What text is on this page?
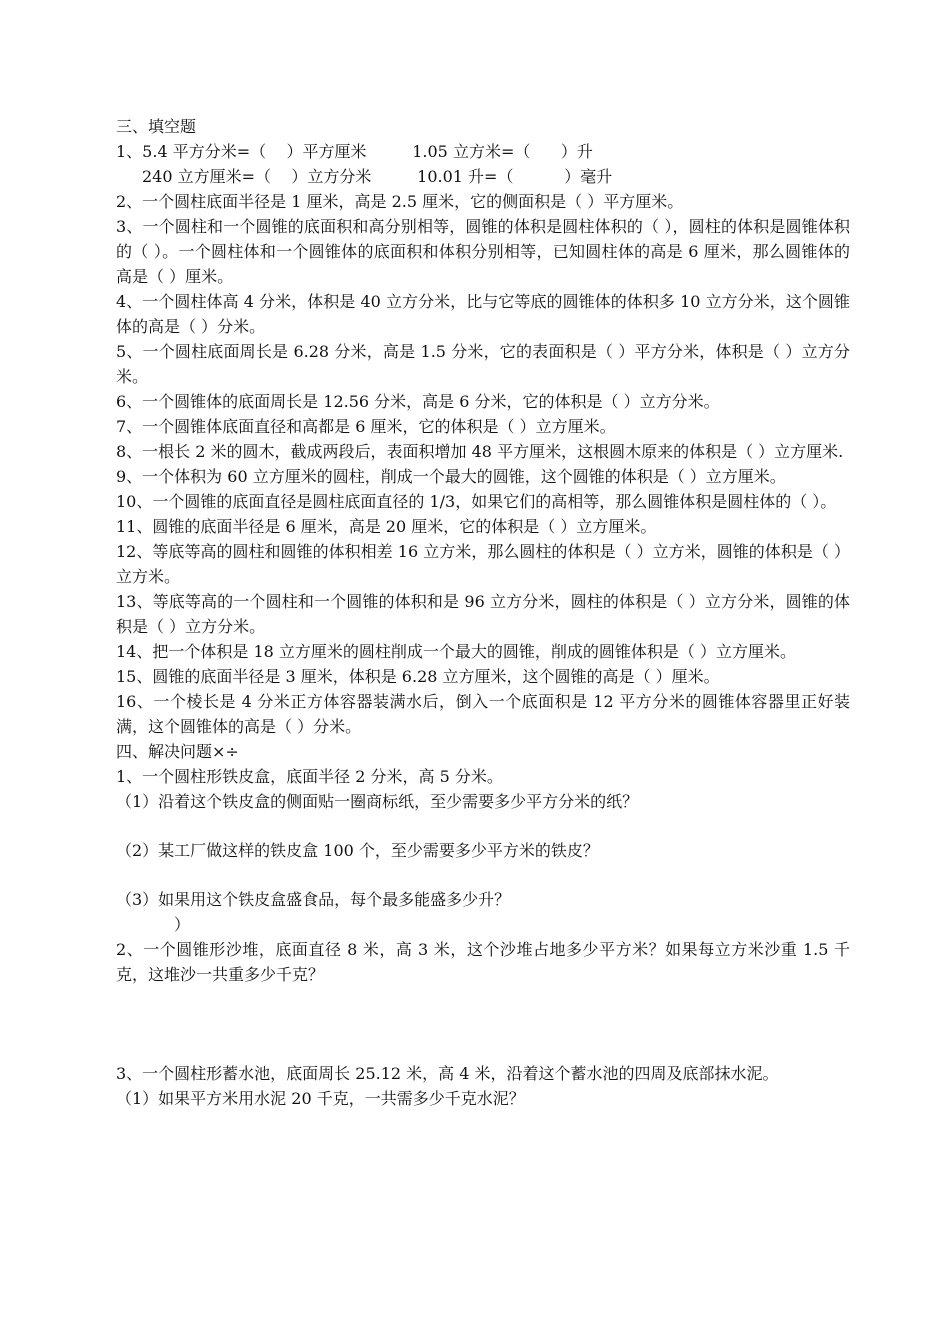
三、填空题
1、5.4 平方分米=（    ）平方厘米         1.05 立方米=（      ）升
240 立方厘米=（    ）立方分米         10.01 升=（          ）毫升
2、一个圆柱底面半径是 1 厘米，高是 2.5 厘米，它的侧面积是（ ）平方厘米。
3、一个圆柱和一个圆锥的底面积和高分别相等，圆锥的体积是圆柱体积的（ ），圆柱的体积是圆锥体积的（ ）。一个圆柱体和一个圆锥体的底面积和体积分别相等，已知圆柱体的高是 6 厘米，那么圆锥体的高是（ ）厘米。
4、一个圆柱体高 4 分米，体积是 40 立方分米，比与它等底的圆锥体的体积多 10 立方分米，这个圆锥体的高是（ ）分米。
5、一个圆柱底面周长是 6.28 分米，高是 1.5 分米，它的表面积是（ ）平方分米，体积是（ ）立方分米。
6、一个圆锥体的底面周长是 12.56 分米，高是 6 分米，它的体积是（ ）立方分米。
7、一个圆锥体底面直径和高都是 6 厘米，它的体积是（ ）立方厘米。
8、一根长 2 米的圆木，截成两段后，表面积增加 48 平方厘米，这根圆木原来的体积是（ ）立方厘米.
9、一个体积为 60 立方厘米的圆柱，削成一个最大的圆锥，这个圆锥的体积是（ ）立方厘米。
10、一个圆锥的底面直径是圆柱底面直径的 1/3，如果它们的高相等，那么圆锥体积是圆柱体的（ ）。
11、圆锥的底面半径是 6 厘米，高是 20 厘米，它的体积是（ ）立方厘米。
12、等底等高的圆柱和圆锥的体积相差 16 立方米，那么圆柱的体积是（ ）立方米，圆锥的体积是（ ）立方米。
13、等底等高的一个圆柱和一个圆锥的体积和是 96 立方分米，圆柱的体积是（ ）立方分米，圆锥的体积是（ ）立方分米。
14、把一个体积是 18 立方厘米的圆柱削成一个最大的圆锥，削成的圆锥体积是（ ）立方厘米。
15、圆锥的底面半径是 3 厘米，体积是 6.28 立方厘米，这个圆锥的高是（ ）厘米。
16、一个棱长是 4 分米正方体容器装满水后，倒入一个底面积是 12 平方分米的圆锥体容器里正好装满，这个圆锥体的高是（ ）分米。
四、解决问题×÷
1、一个圆柱形铁皮盒，底面半径 2 分米，高 5 分米。
（1）沿着这个铁皮盒的侧面贴一圈商标纸，至少需要多少平方分米的纸？
（2）某工厂做这样的铁皮盒 100 个，至少需要多少平方米的铁皮？
（3）如果用这个铁皮盒盛食品，每个最多能盛多少升？
）
2、一个圆锥形沙堆，底面直径 8 米，高 3 米，这个沙堆占地多少平方米？如果每立方米沙重 1.5 千克，这堆沙一共重多少千克？
3、一个圆柱形蓄水池，底面周长 25.12 米，高 4 米，沿着这个蓄水池的四周及底部抹水泥。
（1）如果平方米用水泥 20 千克，一共需多少千克水泥？
